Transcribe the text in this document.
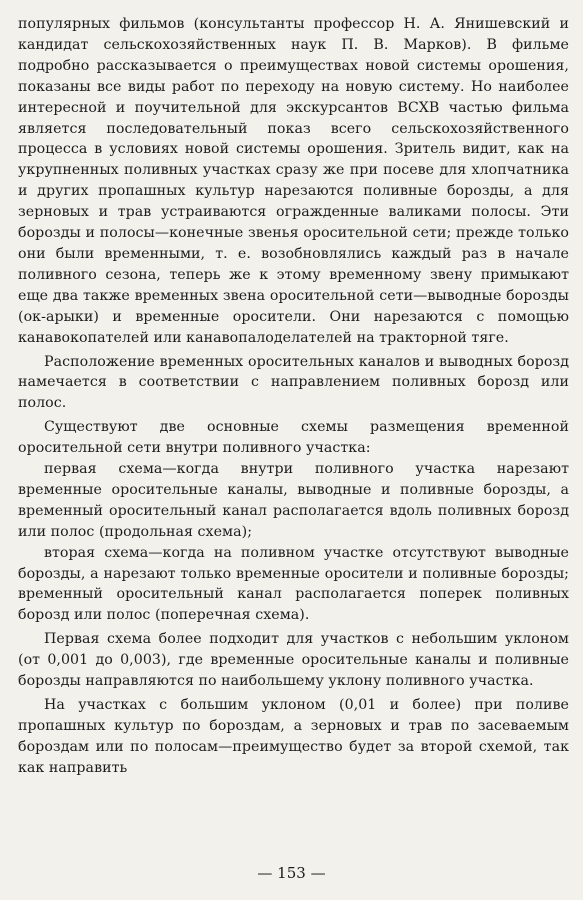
популярных фильмов (консультанты профессор Н. А. Янишевский и кандидат сельскохозяйственных наук П. В. Марков). В фильме подробно рассказывается о преимуществах новой системы орошения, показаны все виды работ по переходу на новую систему. Но наиболее интересной и поучительной для экскурсантов ВСХВ частью фильма является последовательный показ всего сельскохозяйственного процесса в условиях новой системы орошения. Зритель видит, как на укрупненных поливных участках сразу же при посеве для хлопчатника и других пропашных культур нарезаются поливные борозды, а для зерновых и трав устраиваются огражденные валиками полосы. Эти борозды и полосы—конечные звенья оросительной сети; прежде только они были временными, т. е. возобновлялись каждый раз в начале поливного сезона, теперь же к этому временному звену примыкают еще два также временных звена оросительной сети—выводные борозды (ок-арыки) и временные оросители. Они нарезаются с помощью канавокопателей или канавопалоделателей на тракторной тяге.

Расположение временных оросительных каналов и выводных борозд намечается в соответствии с направлением поливных борозд или полос.

Существуют две основные схемы размещения временной оросительной сети внутри поливного участка:

первая схема—когда внутри поливного участка нарезают временные оросительные каналы, выводные и поливные борозды, а временный оросительный канал располагается вдоль поливных борозд или полос (продольная схема);

вторая схема—когда на поливном участке отсутствуют выводные борозды, а нарезают только временные оросители и поливные борозды; временный оросительный канал располагается поперек поливных борозд или полос (поперечная схема).

Первая схема более подходит для участков с небольшим уклоном (от 0,001 до 0,003), где временные оросительные каналы и поливные борозды направляются по наибольшему уклону поливного участка.

На участках с большим уклоном (0,01 и более) при поливе пропашных культур по бороздам, а зерновых и трав по засеваемым бороздам или по полосам—преимущество будет за второй схемой, так как направить

— 153 —
